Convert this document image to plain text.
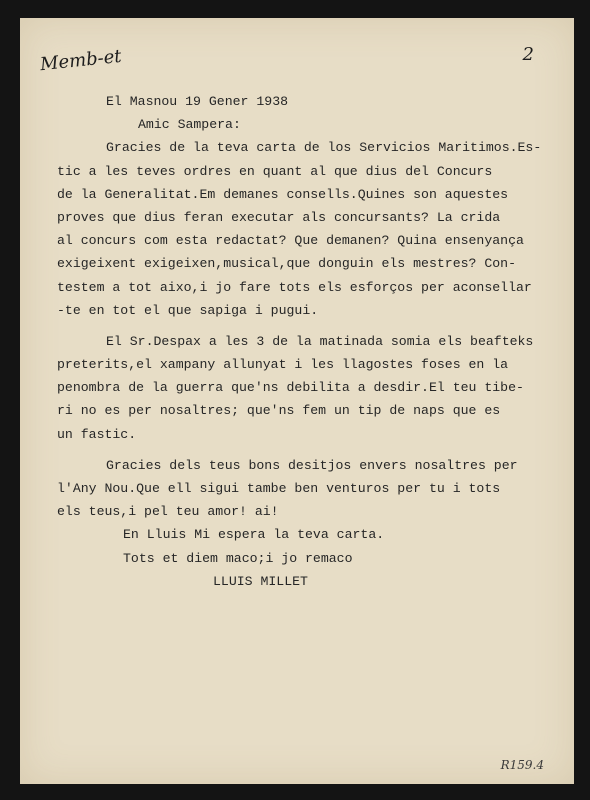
Memb-et	2
El Masnou 19 Gener 1938
Amic Sampera:
Gracies de la teva carta de los Servicios Maritimos.Es-
tic a les teves ordres en quant al que dius del Concurs
de la Generalitat.Em demanes consells.Quines son aquestes
proves que dius feran executar als concursants? La crida
al concurs com esta redactat? Que demanen? Quina ensenyança
exigeixent exigeixen,musical,que donguin els mestres? Con-
testem a tot aixo,i jo fare tots els esforços per aconsellar
-te en tot el que sapiga i pugui.
El Sr.Despax a les 3 de la matinada somia els beafteks
preterits,el xampany allunyat i les llagostes foses en la
penombra de la guerra que'ns debilita a desdir.El teu tibe-
ri no es per nosaltres; que'ns fem un tip de naps que es
un fastic.
Gracies dels teus bons desitjos envers nosaltres per
l'Any Nou.Que ell sigui tambe ben venturos per tu i tots
els teus,i pel teu amor! ai!
En Lluis Mi espera la teva carta.
Tots et diem maco;i jo remaco
LLUIS MILLET
R159.4
